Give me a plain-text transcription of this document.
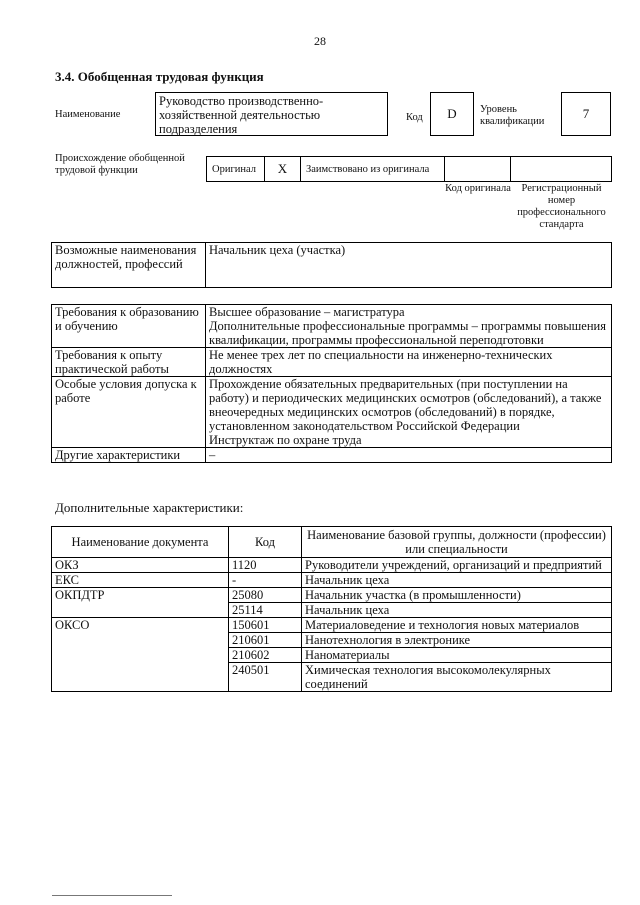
28
3.4. Обобщенная трудовая функция
Наименование
Руководство производственно-хозяйственной деятельностью подразделения
Код	D	Уровень квалификации
7
Происхождение обобщенной трудовой функции	Оригинал	X	Заимствовано из оригинала
Код оригинала	Регистрационный номер профессионального стандарта
Возможные наименования должностей, профессий	Начальник цеха (участка)
Требования к образованию и обучению	Высшее образование – магистратура
Дополнительные профессиональные программы – программы повышения квалификации, программы профессиональной переподготовки
Требования к опыту практической работы	Не менее трех лет по специальности на инженерно-технических должностях
Особые условия допуска к работе	Прохождение обязательных предварительных (при поступлении на работу) и периодических медицинских осмотров (обследований), а также внеочередных медицинских осмотров (обследований) в порядке, установленном законодательством Российской Федерации
Инструктаж по охране труда
Другие характеристики	–
Дополнительные характеристики:
Наименование документа	Код	Наименование базовой группы, должности (профессии) или специальности
ОКЗ	1120	Руководители учреждений, организаций и предприятий
ЕКС	-	Начальник цеха
ОКПДТР	25080	Начальник участка (в промышленности)
	25114	Начальник цеха
ОКСО	150601	Материаловедение и технология новых материалов
	210601	Нанотехнология в электронике
	210602	Наноматериалы
	240501	Химическая технология высокомолекулярных соединений
